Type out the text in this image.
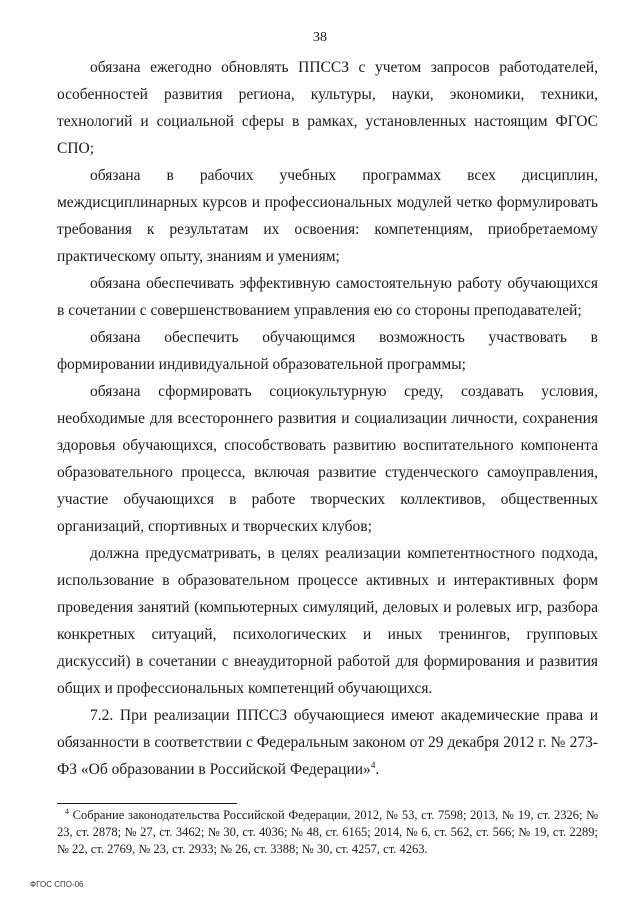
38

обязана ежегодно обновлять ППССЗ с учетом запросов работодателей, особенностей развития региона, культуры, науки, экономики, техники, технологий и социальной сферы в рамках, установленных настоящим ФГОС СПО;

обязана в рабочих учебных программах всех дисциплин, междисциплинарных курсов и профессиональных модулей четко формулировать требования к результатам их освоения: компетенциям, приобретаемому практическому опыту, знаниям и умениям;

обязана обеспечивать эффективную самостоятельную работу обучающихся в сочетании с совершенствованием управления ею со стороны преподавателей;

обязана обеспечить обучающимся возможность участвовать в формировании индивидуальной образовательной программы;

обязана сформировать социокультурную среду, создавать условия, необходимые для всестороннего развития и социализации личности, сохранения здоровья обучающихся, способствовать развитию воспитательного компонента образовательного процесса, включая развитие студенческого самоуправления, участие обучающихся в работе творческих коллективов, общественных организаций, спортивных и творческих клубов;

должна предусматривать, в целях реализации компетентностного подхода, использование в образовательном процессе активных и интерактивных форм проведения занятий (компьютерных симуляций, деловых и ролевых игр, разбора конкретных ситуаций, психологических и иных тренингов, групповых дискуссий) в сочетании с внеаудиторной работой для формирования и развития общих и профессиональных компетенций обучающихся.

7.2. При реализации ППССЗ обучающиеся имеют академические права и обязанности в соответствии с Федеральным законом от 29 декабря 2012 г. № 273-ФЗ «Об образовании в Российской Федерации»$^4$.

$^4$ Собрание законодательства Российской Федерации, 2012, № 53, ст. 7598; 2013, № 19, ст. 2326; № 23, ст. 2878; № 27, ст. 3462; № 30, ст. 4036; № 48, ст. 6165; 2014, № 6, ст. 562, ст. 566; № 19, ст. 2289; № 22, ст. 2769, № 23, ст. 2933; № 26, ст. 3388; № 30, ст. 4257, ст. 4263.
ФГОС СПО-06
